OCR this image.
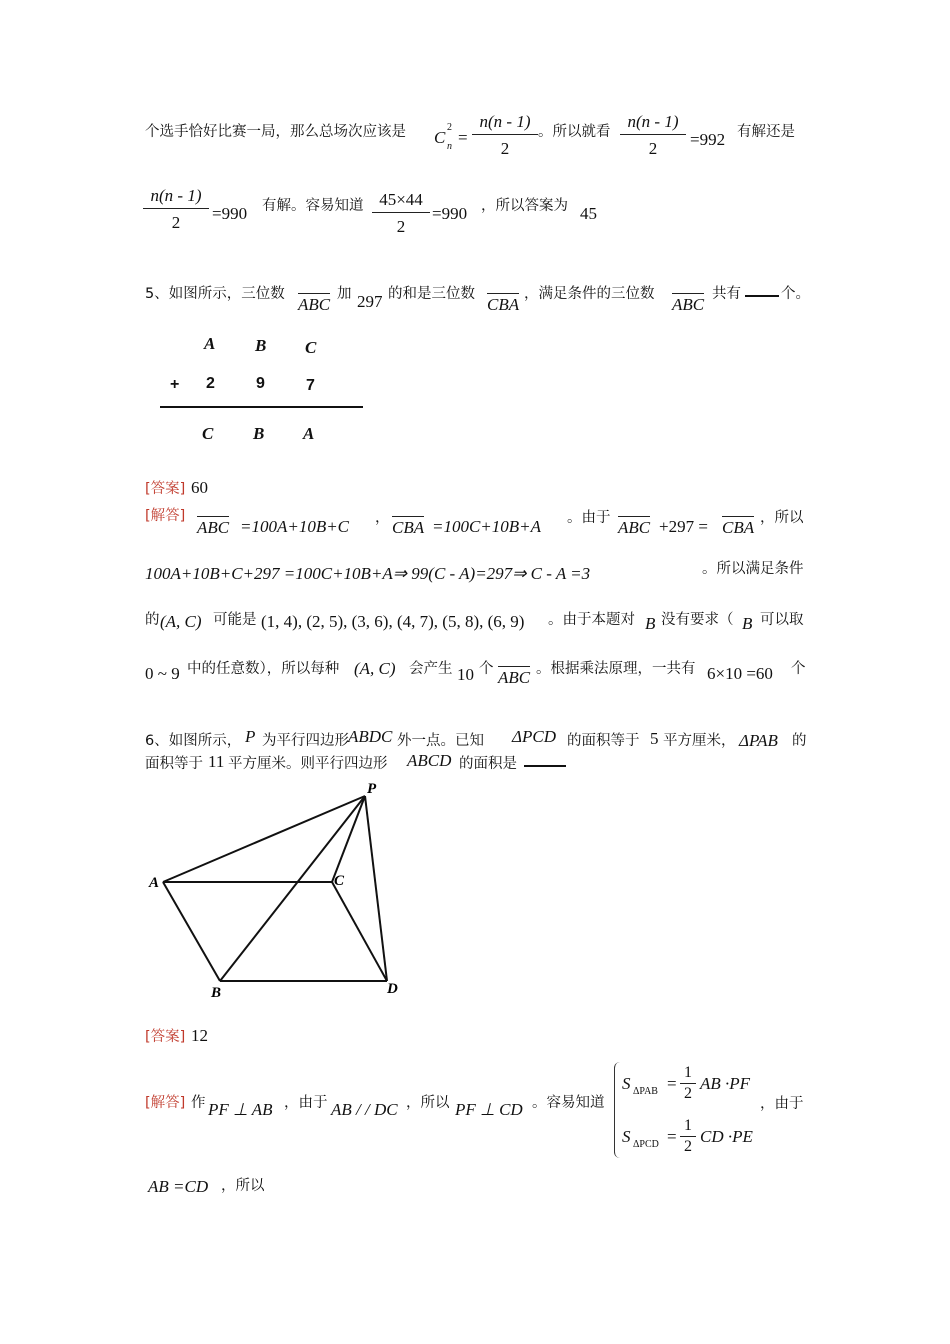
个选手恰好比赛一局，那么总场次应该是 C
2
$n = \frac{n(n - 1)}{2}$ 。所以就看 $\frac{n(n - 1)}{2} =992$ 有解还是
$\frac{n(n - 1)}{2} =990$ 有解。容易知道 $\frac{45\times 44}{2} =990$ ，所以答案为 45
5、如图所示，三位数
ABC
加 297 的和是三位数
CBA
，满足条件的三位数
ABC
共有	个。
A B C
+ 2	9	7
C B A
[答案] 60
[解答]
ABC =100A+10B+C ， CBA =100C+10B+A 。由于 ABC +297 = CBA ，所以
100A+10B+C+297 =100C+10B+A⇒ 99(C - A)=297⇒ C - A =3	。所以满足条件
的 (A, C) 可能是 (1, 4), (2, 5), (3, 6), (4, 7), (5, 8), (6, 9) 。由于本题对 B 没有要求（ B 可以取
0 ~ 9 中的任意数），所以每种 (A, C) 会产生 10 个 ABC 。根据乘法原理，一共有 6×10 =60 个
6、如图所示， P 为平行四边形 ABDC 外一点。已知 ΔPCD 的面积等于 5 平方厘米， ΔPAB 的
面积等于 11 平方厘米。则平行四边形 ABCD 的面积是
P
A	C
B	D
[答案] 12
[解答] 作 PF ⊥ AB ，由于 AB / / DC ，所以 PF ⊥ CD 。容易知道
S $\Delta PAB = \frac{1}{2}$ AB ·PF
S $\Delta PCD = \frac{1}{2}$ CD ·PE
，由于
AB =CD ，所以
